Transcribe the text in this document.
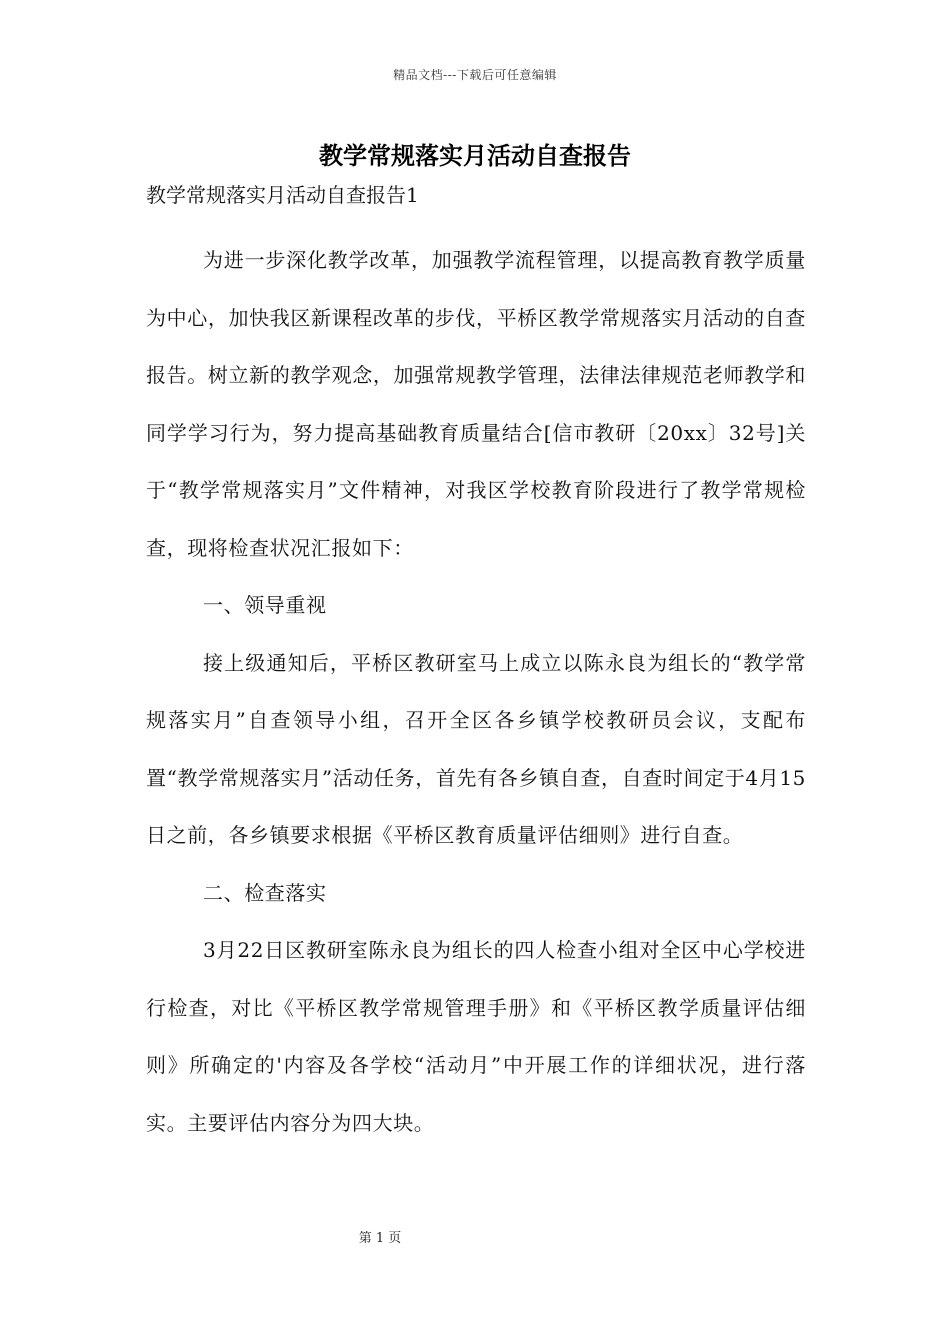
精品文档---下载后可任意编辑
教学常规落实月活动自查报告

教学常规落实月活动自查报告1

为进一步深化教学改革，加强教学流程管理，以提高教育教学质量为中心，加快我区新课程改革的步伐，平桥区教学常规落实月活动的自查报告。树立新的教学观念，加强常规教学管理，法律法律规范老师教学和同学学习行为，努力提高基础教育质量结合[信市教研〔20xx〕32号]关于“教学常规落实月”文件精神，对我区学校教育阶段进行了教学常规检查，现将检查状况汇报如下：

一、领导重视

接上级通知后，平桥区教研室马上成立以陈永良为组长的“教学常规落实月”自查领导小组，召开全区各乡镇学校教研员会议，支配布置“教学常规落实月”活动任务，首先有各乡镇自查，自查时间定于4月15日之前，各乡镇要求根据《平桥区教育质量评估细则》进行自查。

二、检查落实

3月22日区教研室陈永良为组长的四人检查小组对全区中心学校进行检查，对比《平桥区教学常规管理手册》和《平桥区教学质量评估细则》所确定的'内容及各学校“活动月”中开展工作的详细状况，进行落实。主要评估内容分为四大块。

第 1 页
